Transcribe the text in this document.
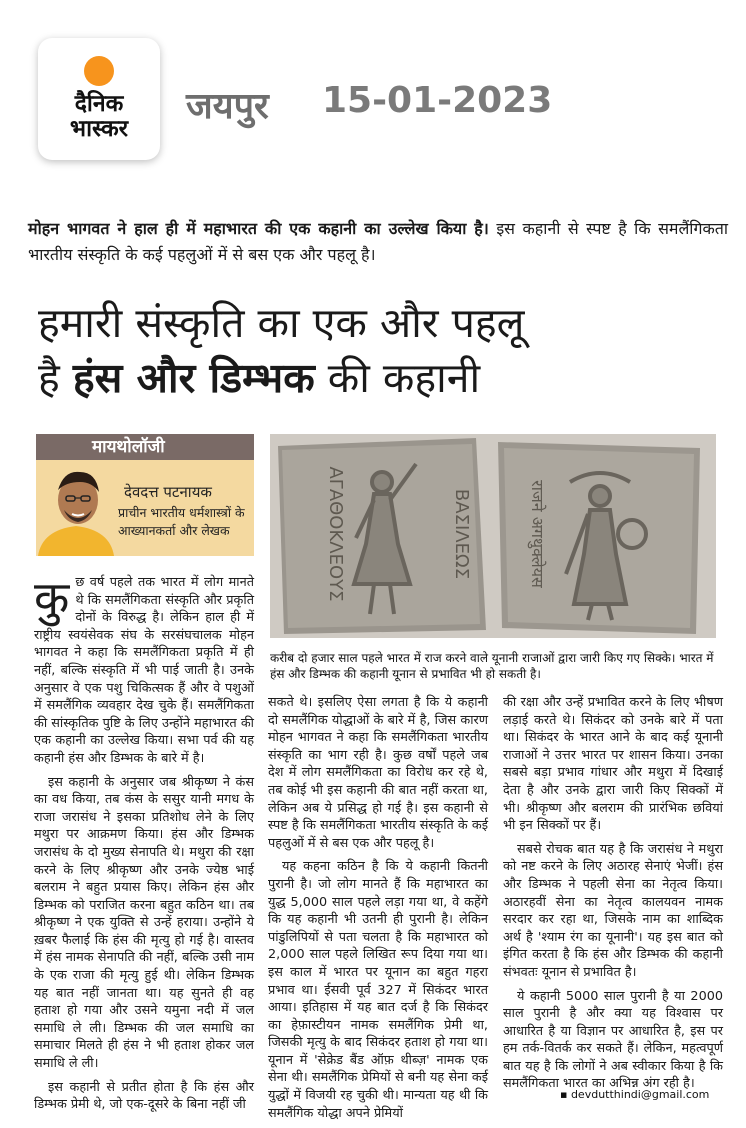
दैनिक
भास्कर
जयपुर 15-01-2023
मोहन भागवत ने हाल ही में महाभारत की एक कहानी का उल्लेख किया है। इस कहानी से स्पष्ट है कि समलैंगिकता भारतीय संस्कृति के कई पहलुओं में से बस एक और पहलू है।
हमारी संस्कृति का एक और पहलू
है हंस और डिम्भक की कहानी
मायथोलॉजी
देवदत्त पटनायक
प्राचीन भारतीय धर्मशास्त्रों के आख्यानकर्ता और लेखक	ΑΓΑΘΟΚΛΕΟΥΣ	ΒΑΣΙΛΕΩΣ	राजने अगथुक्लेयस
करीब दो हजार साल पहले भारत में राज करने वाले यूनानी राजाओं द्वारा जारी किए गए सिक्के। भारत में हंस और डिम्भक की कहानी यूनान से प्रभावित भी हो सकती है।

कुछ वर्ष पहले तक भारत में लोग मानते थे कि समलैंगिकता संस्कृति और प्रकृति दोनों के विरुद्ध है। लेकिन हाल ही में राष्ट्रीय स्वयंसेवक संघ के सरसंघचालक मोहन भागवत ने कहा कि समलैंगिकता प्रकृति में ही नहीं, बल्कि संस्कृति में भी पाई जाती है। उनके अनुसार वे एक पशु चिकित्सक हैं और वे पशुओं में समलैंगिक व्यवहार देख चुके हैं। समलैंगिकता की सांस्कृतिक पुष्टि के लिए उन्होंने महाभारत की एक कहानी का उल्लेख किया। सभा पर्व की यह कहानी हंस और डिम्भक के बारे में है।

इस कहानी के अनुसार जब श्रीकृष्ण ने कंस का वध किया, तब कंस के ससुर यानी मगध के राजा जरासंध ने इसका प्रतिशोध लेने के लिए मथुरा पर आक्रमण किया। हंस और डिम्भक जरासंध के दो मुख्य सेनापति थे। मथुरा की रक्षा करने के लिए श्रीकृष्ण और उनके ज्येष्ठ भाई बलराम ने बहुत प्रयास किए। लेकिन हंस और डिम्भक को पराजित करना बहुत कठिन था। तब श्रीकृष्ण ने एक युक्ति से उन्हें हराया। उन्होंने ये ख़बर फैलाई कि हंस की मृत्यु हो गई है। वास्तव में हंस नामक सेनापति की नहीं, बल्कि उसी नाम के एक राजा की मृत्यु हुई थी। लेकिन डिम्भक यह बात नहीं जानता था। यह सुनते ही वह हताश हो गया और उसने यमुना नदी में जल समाधि ले ली। डिम्भक की जल समाधि का समाचार मिलते ही हंस ने भी हताश होकर जल समाधि ले ली।

इस कहानी से प्रतीत होता है कि हंस और डिम्भक प्रेमी थे, जो एक-दूसरे के बिना नहीं जी

सकते थे। इसलिए ऐसा लगता है कि ये कहानी दो समलैंगिक योद्धाओं के बारे में है, जिस कारण मोहन भागवत ने कहा कि समलैंगिकता भारतीय संस्कृति का भाग रही है। कुछ वर्षों पहले जब देश में लोग समलैंगिकता का विरोध कर रहे थे, तब कोई भी इस कहानी की बात नहीं करता था, लेकिन अब ये प्रसिद्ध हो गई है। इस कहानी से स्पष्ट है कि समलैंगिकता भारतीय संस्कृति के कई पहलुओं में से बस एक और पहलू है।

यह कहना कठिन है कि ये कहानी कितनी पुरानी है। जो लोग मानते हैं कि महाभारत का युद्ध 5,000 साल पहले लड़ा गया था, वे कहेंगे कि यह कहानी भी उतनी ही पुरानी है। लेकिन पांडुलिपियों से पता चलता है कि महाभारत को 2,000 साल पहले लिखित रूप दिया गया था। इस काल में भारत पर यूनान का बहुत गहरा प्रभाव था। ईसवी पूर्व 327 में सिकंदर भारत आया। इतिहास में यह बात दर्ज है कि सिकंदर का हेफ़ास्टीयन नामक समलैंगिक प्रेमी था, जिसकी मृत्यु के बाद सिकंदर हताश हो गया था। यूनान में 'सेक्रेड बैंड ऑफ़ थीब्ज़' नामक एक सेना थी। समलैंगिक प्रेमियों से बनी यह सेना कई युद्धों में विजयी रह चुकी थी। मान्यता यह थी कि समलैंगिक योद्धा अपने प्रेमियों

की रक्षा और उन्हें प्रभावित करने के लिए भीषण लड़ाई करते थे। सिकंदर को उनके बारे में पता था। सिकंदर के भारत आने के बाद कई यूनानी राजाओं ने उत्तर भारत पर शासन किया। उनका सबसे बड़ा प्रभाव गांधार और मथुरा में दिखाई देता है और उनके द्वारा जारी किए सिक्कों में भी। श्रीकृष्ण और बलराम की प्रारंभिक छवियां भी इन सिक्कों पर हैं।

सबसे रोचक बात यह है कि जरासंध ने मथुरा को नष्ट करने के लिए अठारह सेनाएं भेजीं। हंस और डिम्भक ने पहली सेना का नेतृत्व किया। अठारहवीं सेना का नेतृत्व कालयवन नामक सरदार कर रहा था, जिसके नाम का शाब्दिक अर्थ है 'श्याम रंग का यूनानी'। यह इस बात को इंगित करता है कि हंस और डिम्भक की कहानी संभवतः यूनान से प्रभावित है।

ये कहानी 5000 साल पुरानी है या 2000 साल पुरानी है और क्या यह विश्वास पर आधारित है या विज्ञान पर आधारित है, इस पर हम तर्क-वितर्क कर सकते हैं। लेकिन, महत्वपूर्ण बात यह है कि लोगों ने अब स्वीकार किया है कि समलैंगिकता भारत का अभिन्न अंग रही है।

▪ devdutthindi@gmail.com
